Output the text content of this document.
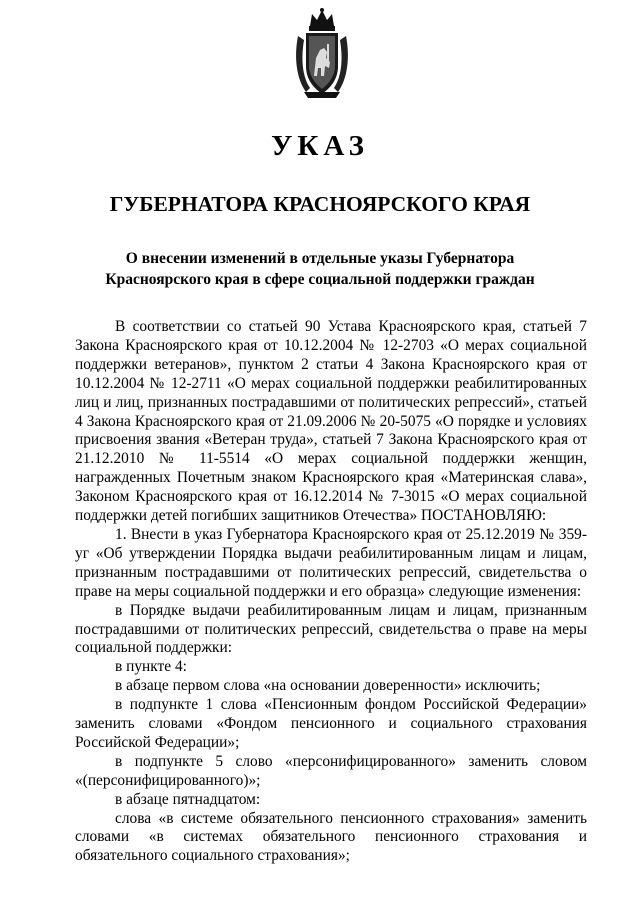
УКАЗ
ГУБЕРНАТОРА КРАСНОЯРСКОГО КРАЯ
О внесении изменений в отдельные указы Губернатора
Красноярского края в сфере социальной поддержки граждан

В соответствии со статьей 90 Устава Красноярского края, статьей 7 Закона Красноярского края от 10.12.2004 № 12-2703 «О мерах социальной поддержки ветеранов», пунктом 2 статьи 4 Закона Красноярского края от 10.12.2004 № 12-2711 «О мерах социальной поддержки реабилитированных лиц и лиц, признанных пострадавшими от политических репрессий», статьей 4 Закона Красноярского края от 21.09.2006 № 20-5075 «О порядке и условиях присвоения звания «Ветеран труда», статьей 7 Закона Красноярского края от 21.12.2010 № 11-5514 «О мерах социальной поддержки женщин, награжденных Почетным знаком Красноярского края «Материнская слава», Законом Красноярского края от 16.12.2014 № 7-3015 «О мерах социальной поддержки детей погибших защитников Отечества» ПОСТАНОВЛЯЮ:

1. Внести в указ Губернатора Красноярского края от 25.12.2019 № 359-уг «Об утверждении Порядка выдачи реабилитированным лицам и лицам, признанным пострадавшими от политических репрессий, свидетельства о праве на меры социальной поддержки и его образца» следующие изменения:

в Порядке выдачи реабилитированным лицам и лицам, признанным пострадавшими от политических репрессий, свидетельства о праве на меры социальной поддержки:

в пункте 4:

в абзаце первом слова «на основании доверенности» исключить;

в подпункте 1 слова «Пенсионным фондом Российской Федерации» заменить словами «Фондом пенсионного и социального страхования Российской Федерации»;

в подпункте 5 слово «персонифицированного» заменить словом «(персонифицированного)»;

в абзаце пятнадцатом:

слова «в системе обязательного пенсионного страхования» заменить словами «в системах обязательного пенсионного страхования и обязательного социального страхования»;
